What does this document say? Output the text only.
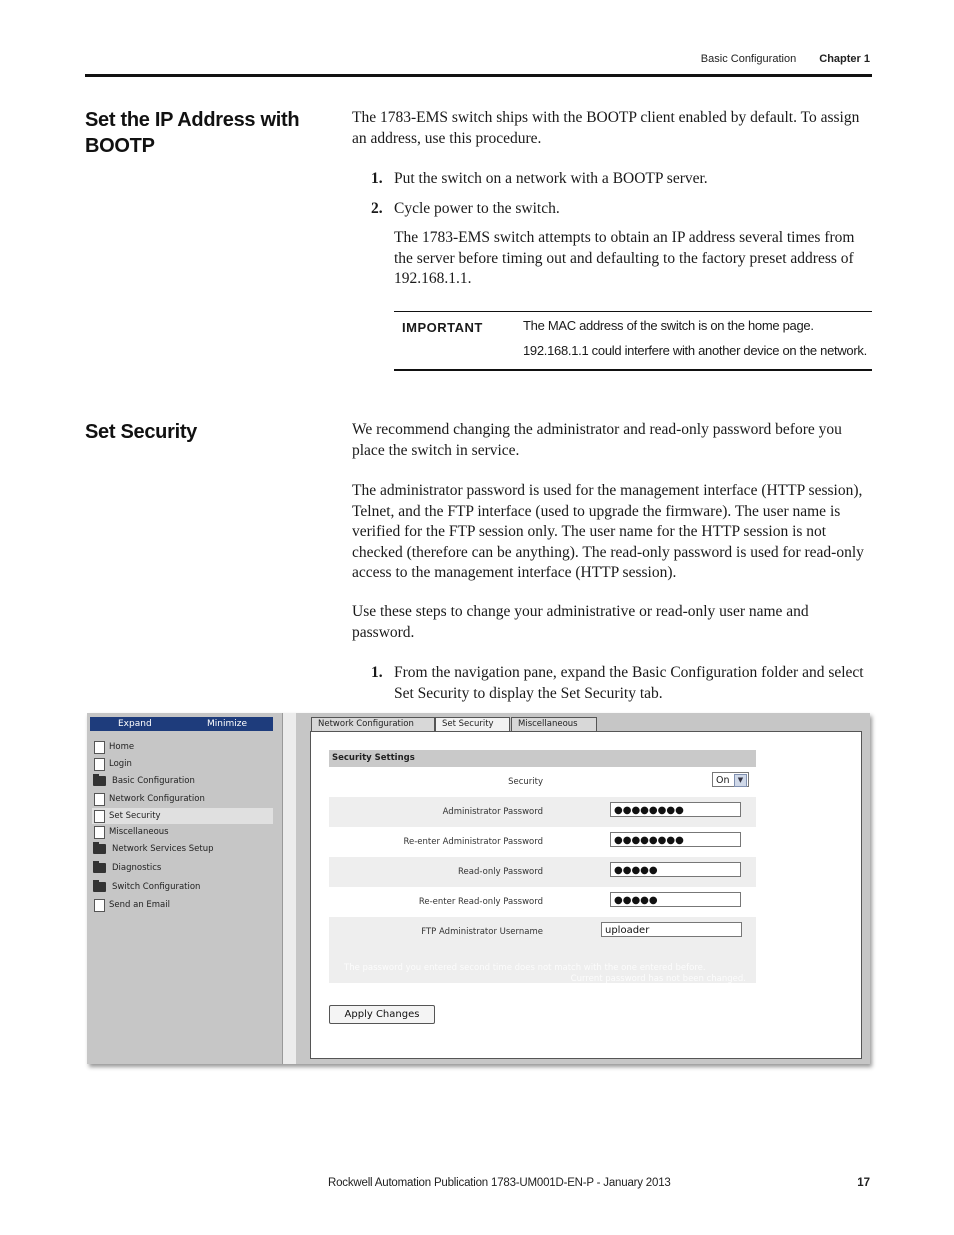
Basic Configuration Chapter 1
Set the IP Address with BOOTP

The 1783-EMS switch ships with the BOOTP client enabled by default. To assign an address, use this procedure.

1. Put the switch on a network with a BOOTP server.
2. Cycle power to the switch.

The 1783-EMS switch attempts to obtain an IP address several times from the server before timing out and defaulting to the factory preset address of 192.168.1.1.

IMPORTANT	The MAC address of the switch is on the home page.
192.168.1.1 could interfere with another device on the network.
Set Security	We recommend changing the administrator and read-only password before you place the switch in service.

The administrator password is used for the management interface (HTTP session), Telnet, and the FTP interface (used to upgrade the firmware). The user name is verified for the FTP session only. The user name for the HTTP session is not checked (therefore can be anything). The read-only password is used for read-only access to the management interface (HTTP session).

Use these steps to change your administrative or read-only user name and password.

1. From the navigation pane, expand the Basic Configuration folder and select Set Security to display the Set Security tab.
Expand	Minimize
Home
Login
Basic Configuration
Network Configuration
Set Security
Miscellaneous
Network Services Setup
Diagnostics
Switch Configuration
Send an Email
Network Configuration	Set Security	Miscellaneous
Security Settings
Security	On	▼
Administrator Password	●●●●●●●●
Re-enter Administrator Password	●●●●●●●●
Read-only Password	●●●●●
Re-enter Read-only Password	●●●●●
FTP Administrator Username	uploader
The password you entered second time does not match with the one entered before.
Current password has not been changed.
Apply Changes
Rockwell Automation Publication 1783-UM001D-EN-P - January 2013	17
